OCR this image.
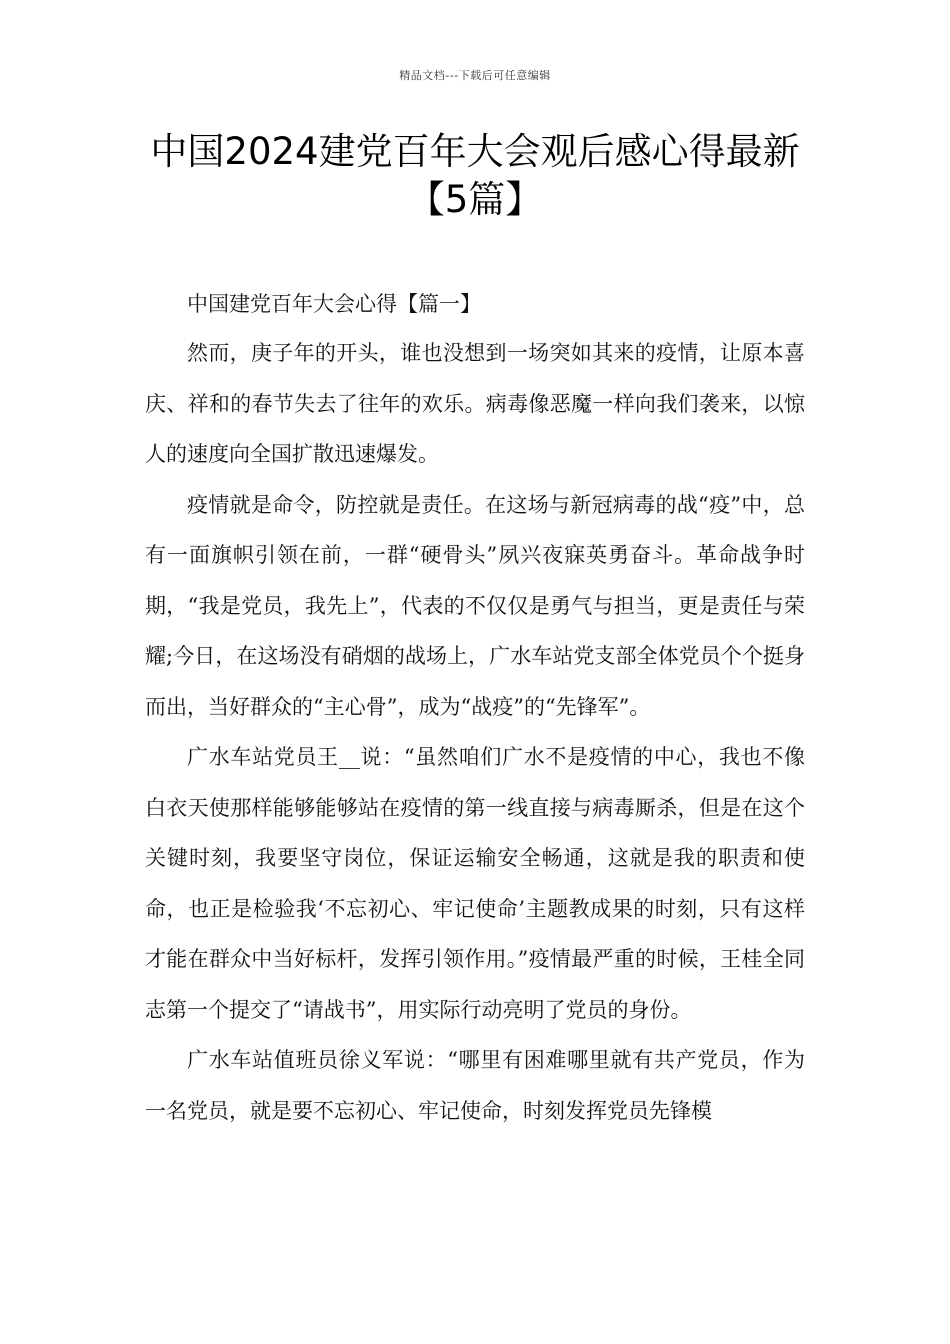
精品文档---下载后可任意编辑
中国2024建党百年大会观后感心得最新【5篇】

中国建党百年大会心得【篇一】

然而，庚子年的开头，谁也没想到一场突如其来的疫情，让原本喜庆、祥和的春节失去了往年的欢乐。病毒像恶魔一样向我们袭来，以惊人的速度向全国扩散迅速爆发。

疫情就是命令，防控就是责任。在这场与新冠病毒的战“疫”中，总有一面旗帜引领在前，一群“硬骨头”夙兴夜寐英勇奋斗。革命战争时期，“我是党员，我先上”，代表的不仅仅是勇气与担当，更是责任与荣耀;今日，在这场没有硝烟的战场上，广水车站党支部全体党员个个挺身而出，当好群众的“主心骨”，成为“战疫”的“先锋军”。

广水车站党员王__说：“虽然咱们广水不是疫情的中心，我也不像白衣天使那样能够能够站在疫情的第一线直接与病毒厮杀，但是在这个关键时刻，我要坚守岗位，保证运输安全畅通，这就是我的职责和使命，也正是检验我‘不忘初心、牢记使命’主题教成果的时刻，只有这样才能在群众中当好标杆，发挥引领作用。”疫情最严重的时候，王桂全同志第一个提交了“请战书”，用实际行动亮明了党员的身份。

广水车站值班员徐义军说：“哪里有困难哪里就有共产党员，作为一名党员，就是要不忘初心、牢记使命，时刻发挥党员先锋模
